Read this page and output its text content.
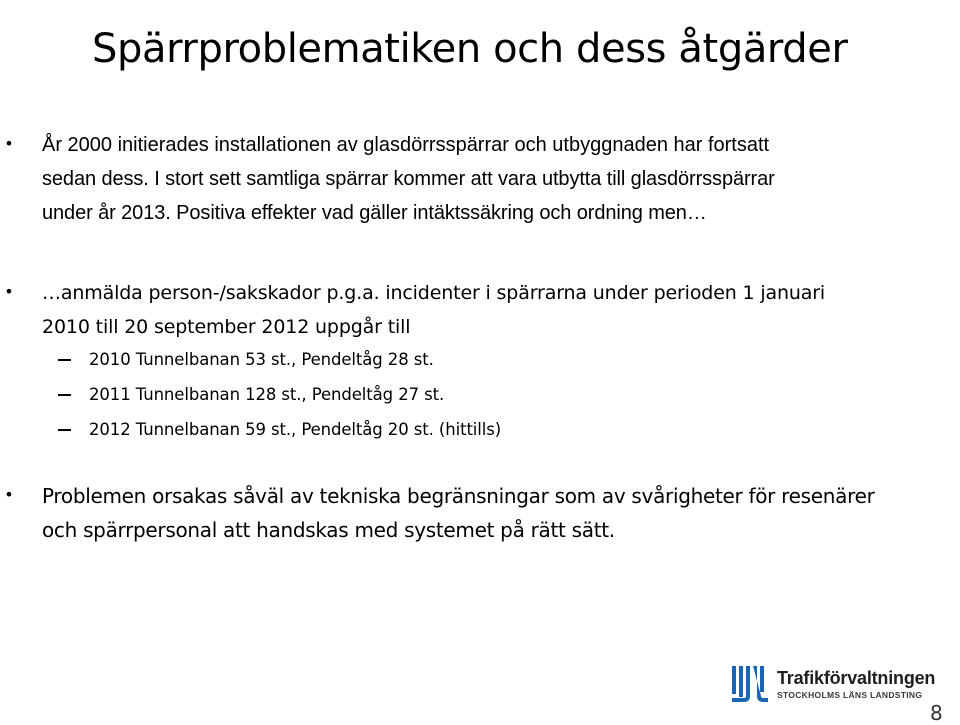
Spärrproblematiken och dess åtgärder
• År 2000 initierades installationen av glasdörrsspärrar och utbyggnaden har fortsatt
sedan dess. I stort sett samtliga spärrar kommer att vara utbytta till glasdörrsspärrar
under år 2013. Positiva effekter vad gäller intäktssäkring och ordning men…
• …anmälda person-/sakskador p.g.a. incidenter i spärrarna under perioden 1 januari
2010 till 20 september 2012 uppgår till
2010 Tunnelbanan 53 st., Pendeltåg 28 st.
2011 Tunnelbanan 128 st., Pendeltåg 27 st.
2012 Tunnelbanan 59 st., Pendeltåg 20 st. (hittills)
• Problemen orsakas såväl av tekniska begränsningar som av svårigheter för resenärer
och spärrpersonal att handskas med systemet på rätt sätt.
Trafikförvaltningen
STOCKHOLMS LÄNS LANDSTING
8
